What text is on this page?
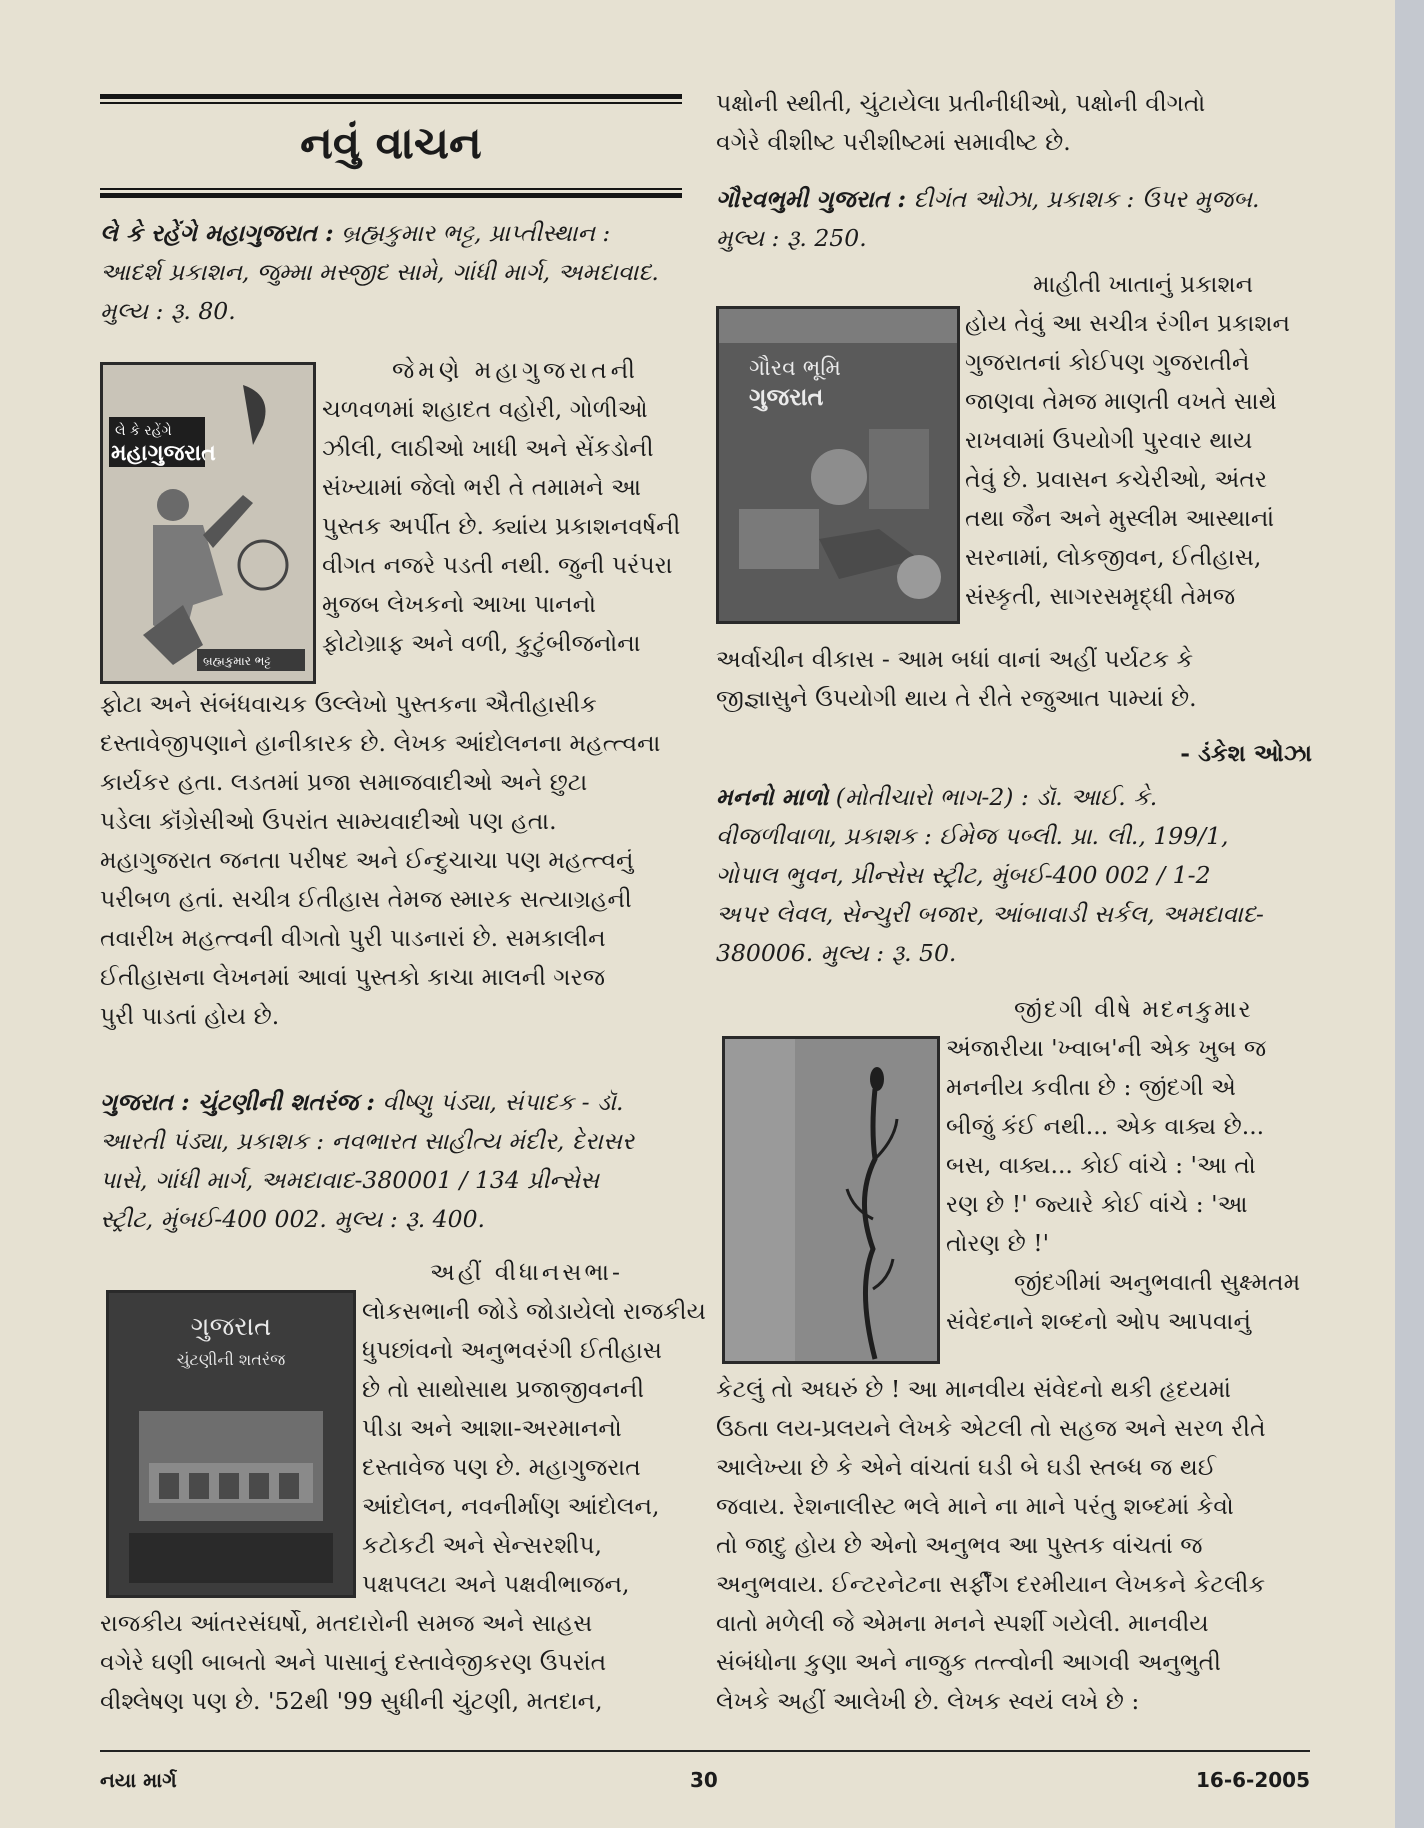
નવું વાચન
લે કે રહેંગે મહાગુજરાત : બ્રહ્મકુમાર ભટ્ટ, પ્રાપ્તીસ્થાન :
આદર્શ પ્રકાશન, જુમ્મા મસ્જીદ સામે, ગાંધી માર્ગ, અમદાવાદ.
મુલ્ય : રૂ. 80.
લે કે રહેંગે
મહાગુજરાત
બ્રહ્મકુમાર ભટ્ટ
જેમણે મહાગુજરાતની
ચળવળમાં શહાદત વહોરી, ગોળીઓ
ઝીલી, લાઠીઓ ખાધી અને સેંકડોની
સંખ્યામાં જેલો ભરી તે તમામને આ
પુસ્તક અર્પીત છે. ક્યાંય પ્રકાશનવર્ષની
વીગત નજરે પડતી નથી. જુની પરંપરા
મુજબ લેખકનો આખા પાનનો
ફોટોગ્રાફ અને વળી, કુટુંબીજનોના
ફોટા અને સંબંધવાચક ઉલ્લેખો પુસ્તકના ઐતીહાસીક
દસ્તાવેજીપણાને હાનીકારક છે. લેખક આંદોલનના મહત્ત્વના
કાર્યકર હતા. લડતમાં પ્રજા સમાજવાદીઓ અને છુટા
પડેલા કૉંગ્રેસીઓ ઉપરાંત સામ્યવાદીઓ પણ હતા.
મહાગુજરાત જનતા પરીષદ અને ઈન્દુચાચા પણ મહત્ત્વનું
પરીબળ હતાં. સચીત્ર ઈતીહાસ તેમજ સ્મારક સત્યાગ્રહની
તવારીખ મહત્ત્વની વીગતો પુરી પાડનારાં છે. સમકાલીન
ઈતીહાસના લેખનમાં આવાં પુસ્તકો કાચા માલની ગરજ
પુરી પાડતાં હોય છે.
ગુજરાત : ચુંટણીની શતરંજ : વીષ્ણુ પંડ્યા, સંપાદક - ડૉ.
આરતી પંડ્યા, પ્રકાશક : નવભારત સાહીત્ય મંદીર, દેરાસર
પાસે, ગાંધી માર્ગ, અમદાવાદ-380001 / 134 પ્રીન્સેસ
સ્ટ્રીટ, મુંબઈ-400 002. મુલ્ય : રૂ. 400.
ગુજરાત
ચુંટણીની શતરંજ
અહીં વીધાનસભા-
લોકસભાની જોડે જોડાયેલો રાજકીય
ધુપછાંવનો અનુભવરંગી ઈતીહાસ
છે તો સાથોસાથ પ્રજાજીવનની
પીડા અને આશા-અરમાનનો
દસ્તાવેજ પણ છે. મહાગુજરાત
આંદોલન, નવનીર્માણ આંદોલન,
કટોકટી અને સેન્સરશીપ,
પક્ષપલટા અને પક્ષવીભાજન,
રાજકીય આંતરસંઘર્ષો, મતદારોની સમજ અને સાહસ
વગેરે ઘણી બાબતો અને પાસાનું દસ્તાવેજીકરણ ઉપરાંત
વીશ્લેષણ પણ છે. '52થી '99 સુધીની ચુંટણી, મતદાન,
પક્ષોની સ્થીતી, ચુંટાયેલા પ્રતીનીધીઓ, પક્ષોની વીગતો
વગેરે વીશીષ્ટ પરીશીષ્ટમાં સમાવીષ્ટ છે.
ગૌરવભુમી ગુજરાત : દીગંત ઓઝા, પ્રકાશક : ઉપર મુજબ.
મુલ્ય : રૂ. 250.
ગૌરવ ભૂમિ
ગુજરાત
માહીતી ખાતાનું પ્રકાશન
હોય તેવું આ સચીત્ર રંગીન પ્રકાશન
ગુજરાતનાં કોઈપણ ગુજરાતીને
જાણવા તેમજ માણતી વખતે સાથે
રાખવામાં ઉપયોગી પુરવાર થાય
તેવું છે. પ્રવાસન કચેરીઓ, અંતર
તથા જૈન અને મુસ્લીમ આસ્થાનાં
સરનામાં, લોકજીવન, ઈતીહાસ,
સંસ્કૃતી, સાગરસમૃદ્ધી તેમજ
અર્વાચીન વીકાસ - આમ બધાં વાનાં અહીં પર્યટક કે
જીજ્ઞાસુને ઉપયોગી થાય તે રીતે રજુઆત પામ્યાં છે.
- ડંકેશ ઓઝા
મનનો માળો (મોતીચારો ભાગ-2) : ડૉ. આઈ. કે.
વીજળીવાળા, પ્રકાશક : ઈમેજ પબ્લી. પ્રા. લી., 199/1,
ગોપાલ ભુવન, પ્રીન્સેસ સ્ટ્રીટ, મુંબઈ-400 002 / 1-2
અપર લેવલ, સેન્ચુરી બજાર, આંબાવાડી સર્કલ, અમદાવાદ-
380006. મુલ્ય : રૂ. 50.
જીંદગી વીષે મદનકુમાર
અંજારીયા 'ખ્વાબ'ની એક ખુબ જ
મનનીય કવીતા છે : જીંદગી એ
બીજું કંઈ નથી... એક વાક્ય છે...
બસ, વાક્ય... કોઈ વાંચે : 'આ તો
રણ છે !' જ્યારે કોઈ વાંચે : 'આ
તોરણ છે !'
જીંદગીમાં અનુભવાતી સુક્ષ્મતમ
સંવેદનાને શબ્દનો ઓપ આપવાનું
કેટલું તો અઘરું છે ! આ માનવીય સંવેદનો થકી હૃદયમાં
ઉઠતા લય-પ્રલયને લેખકે એટલી તો સહજ અને સરળ રીતે
આલેખ્યા છે કે એને વાંચતાં ઘડી બે ઘડી સ્તબ્ધ જ થઈ
જવાય. રેશનાલીસ્ટ ભલે માને ના માને પરંતુ શબ્દમાં કેવો
તો જાદુ હોય છે એનો અનુભવ આ પુસ્તક વાંચતાં જ
અનુભવાય. ઈન્ટરનેટના સર્ફીંગ દરમીયાન લેખકને કેટલીક
વાતો મળેલી જે એમના મનને સ્પર્શી ગયેલી. માનવીય
સંબંધોના કુણા અને નાજુક તત્ત્વોની આગવી અનુભુતી
લેખકે અહીં આલેખી છે. લેખક સ્વયં લખે છે :
નયા માર્ગ	30	16-6-2005
